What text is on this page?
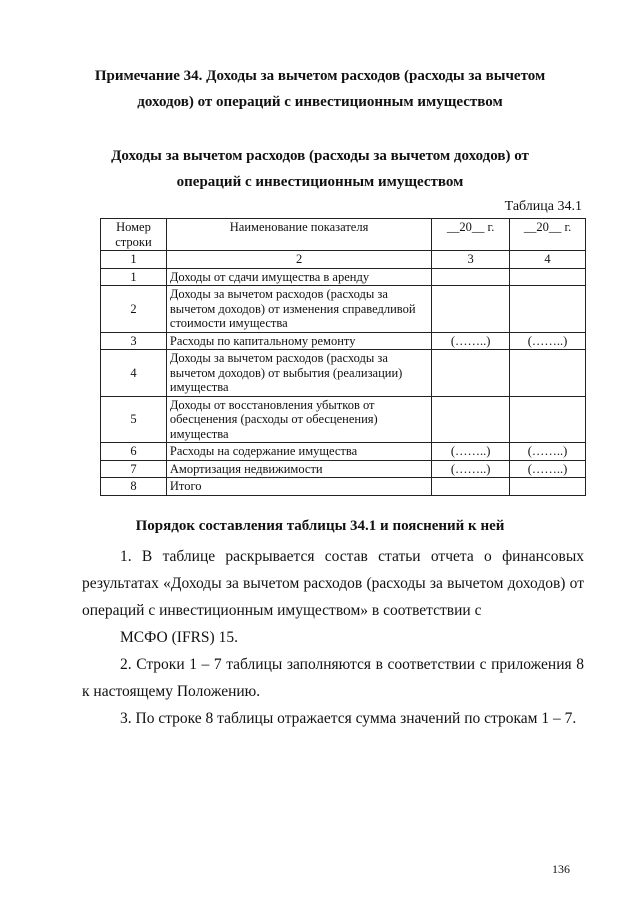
Примечание 34. Доходы за вычетом расходов (расходы за вычетом
доходов) от операций с инвестиционным имуществом
Доходы за вычетом расходов (расходы за вычетом доходов) от
операций с инвестиционным имуществом
Таблица 34.1
Номер строки	Наименование показателя	__20__ г.	__20__ г.
1	2	3	4
1	Доходы от сдачи имущества в аренду		
2	Доходы за вычетом расходов (расходы за вычетом доходов) от изменения справедливой стоимости имущества		
3	Расходы по капитальному ремонту	(……..)	(……..)
4	Доходы за вычетом расходов (расходы за вычетом доходов) от выбытия (реализации) имущества		
5	Доходы от восстановления убытков от обесценения (расходы от обесценения) имущества		
6	Расходы на содержание имущества	(……..)	(……..)
7	Амортизация недвижимости	(……..)	(……..)
8	Итого		
Порядок составления таблицы 34.1 и пояснений к ней
1. В таблице раскрывается состав статьи отчета о финансовых результатах «Доходы за вычетом расходов (расходы за вычетом доходов) от операций с инвестиционным имуществом» в соответствии с
МСФО (IFRS) 15.
2. Строки 1 – 7 таблицы заполняются в соответствии с приложения 8 к настоящему Положению.
3. По строке 8 таблицы отражается сумма значений по строкам 1 – 7.
136
